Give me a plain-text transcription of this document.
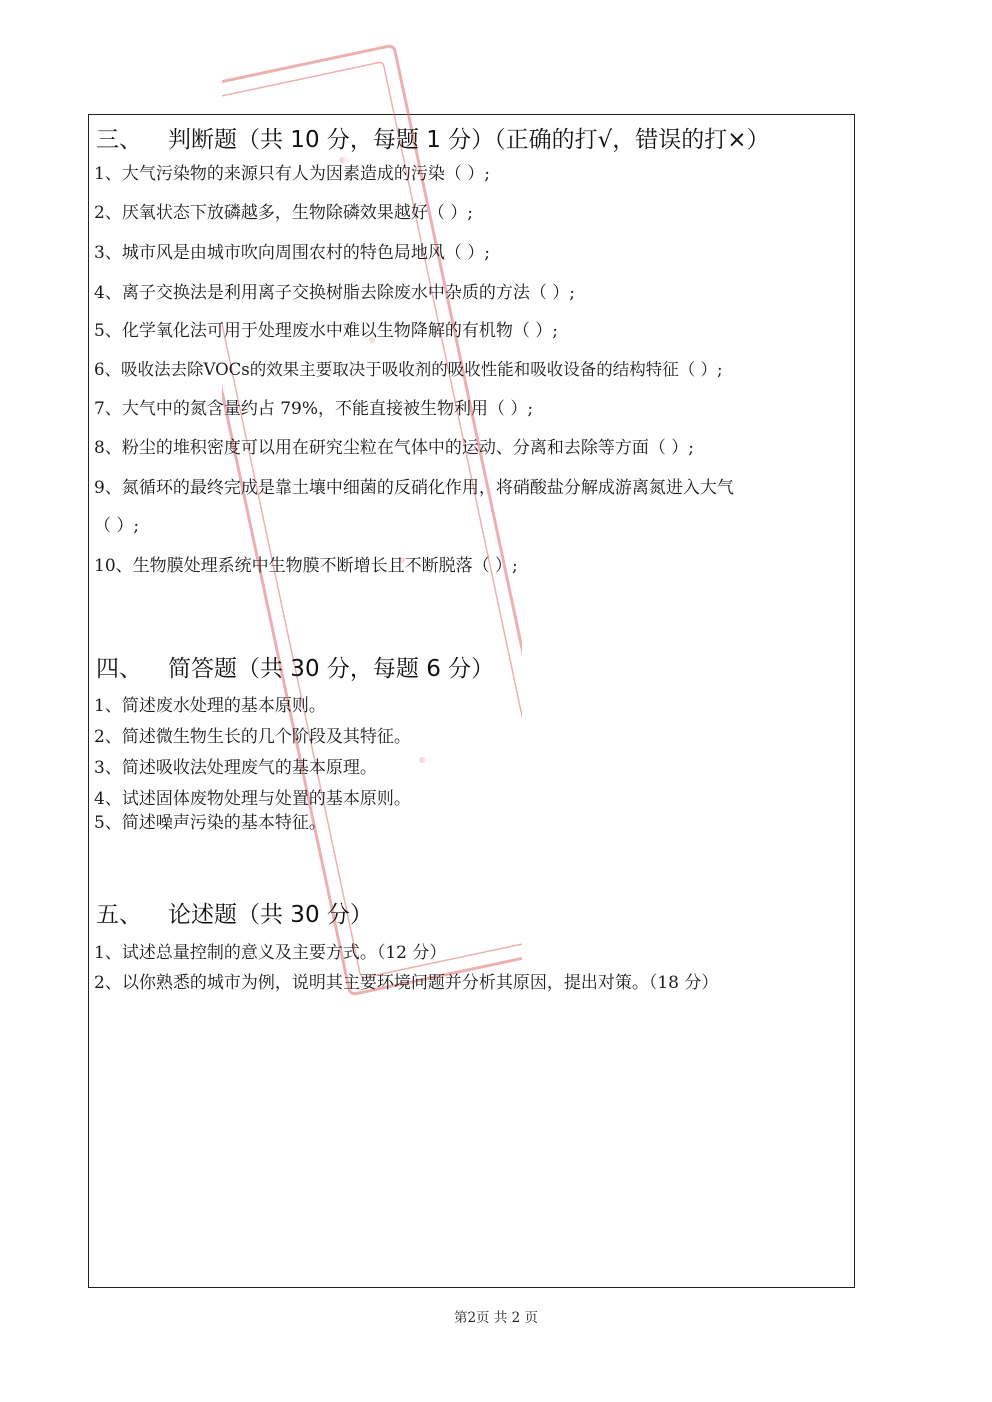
三、 判断题（共 10 分，每题 1 分）（正确的打√，错误的打×）
1、大气污染物的来源只有人为因素造成的污染（ ）;
2、厌氧状态下放磷越多，生物除磷效果越好（ ）;
3、城市风是由城市吹向周围农村的特色局地风（ ）;
4、离子交换法是利用离子交换树脂去除废水中杂质的方法（ ）;
5、化学氧化法可用于处理废水中难以生物降解的有机物（ ）;
6、吸收法去除VOCs的效果主要取决于吸收剂的吸收性能和吸收设备的结构特征（ ）;
7、大气中的氮含量约占 79%，不能直接被生物利用（ ）;
8、粉尘的堆积密度可以用在研究尘粒在气体中的运动、分离和去除等方面（ ）;
9、氮循环的最终完成是靠土壤中细菌的反硝化作用，将硝酸盐分解成游离氮进入大气
（ ）;
10、生物膜处理系统中生物膜不断增长且不断脱落（ ）;
四、 简答题（共 30 分，每题 6 分）
1、简述废水处理的基本原则。
2、简述微生物生长的几个阶段及其特征。
3、简述吸收法处理废气的基本原理。
4、试述固体废物处理与处置的基本原则。
5、简述噪声污染的基本特征。
五、 论述题（共 30 分）
1、试述总量控制的意义及主要方式。（12 分）
2、以你熟悉的城市为例，说明其主要环境问题并分析其原因，提出对策。（18 分）
第2页 共 2 页
